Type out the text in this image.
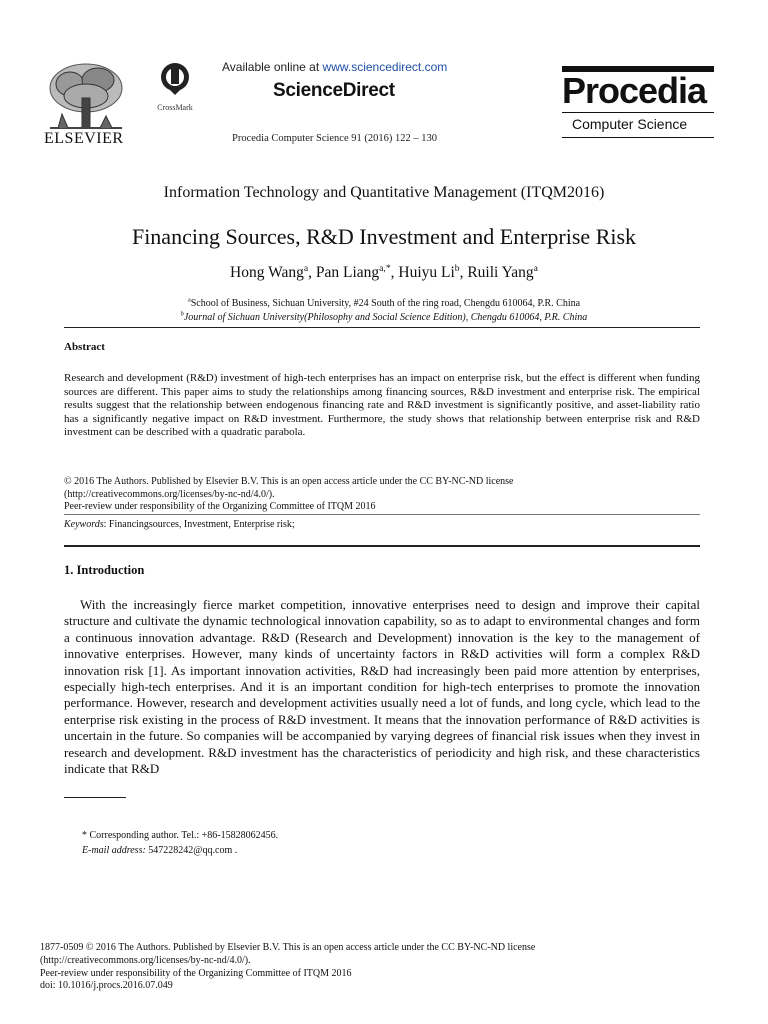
ELSEVIER
CrossMark
Available online at www.sciencedirect.com
ScienceDirect
Procedia Computer Science 91 (2016) 122 – 130
Procedia
Computer Science
Information Technology and Quantitative Management (ITQM2016)
Financing Sources, R&D Investment and Enterprise Risk
Hong Wang$^a$, Pan Liang$^{a,*}$, Huiyu Li$^b$, Ruili Yang$^a$
$^a$School of Business, Sichuan University, #24 South of the ring road, Chengdu 610064, P.R. China
$^b$Journal of Sichuan University(Philosophy and Social Science Edition), Chengdu 610064, P.R. China
Abstract
Research and development (R&D) investment of high-tech enterprises has an impact on enterprise risk, but the effect is different when funding sources are different. This paper aims to study the relationships among financing sources, R&D investment and enterprise risk. The empirical results suggest that the relationship between endogenous financing rate and R&D investment is significantly positive, and asset-liability ratio has a significantly negative impact on R&D investment. Furthermore, the study shows that relationship between enterprise risk and R&D investment can be described with a quadratic parabola.
© 2016 The Authors. Published by Elsevier B.V. This is an open access article under the CC BY-NC-ND license
(http://creativecommons.org/licenses/by-nc-nd/4.0/).
Peer-review under responsibility of the Organizing Committee of ITQM 2016
Keywords: Financingsources, Investment, Enterprise risk;
1. Introduction
With the increasingly fierce market competition, innovative enterprises need to design and improve their capital structure and cultivate the dynamic technological innovation capability, so as to adapt to environmental changes and form a continuous innovation advantage. R&D (Research and Development) innovation is the key to the management of innovative enterprises. However, many kinds of uncertainty factors in R&D activities will form a complex R&D innovation risk [1]. As important innovation activities, R&D had increasingly been paid more attention by enterprises, especially high-tech enterprises. And it is an important condition for high-tech enterprises to promote the innovation performance. However, research and development activities usually need a lot of funds, and long cycle, which lead to the enterprise risk existing in the process of R&D investment. It means that the innovation performance of R&D activities is uncertain in the future. So companies will be accompanied by varying degrees of financial risk issues when they invest in research and development. R&D investment has the characteristics of periodicity and high risk, and these characteristics indicate that R&D
* Corresponding author. Tel.: +86-15828062456.
E-mail address: 547228242@qq.com .
1877-0509 © 2016 The Authors. Published by Elsevier B.V. This is an open access article under the CC BY-NC-ND license
(http://creativecommons.org/licenses/by-nc-nd/4.0/).
Peer-review under responsibility of the Organizing Committee of ITQM 2016
doi: 10.1016/j.procs.2016.07.049
